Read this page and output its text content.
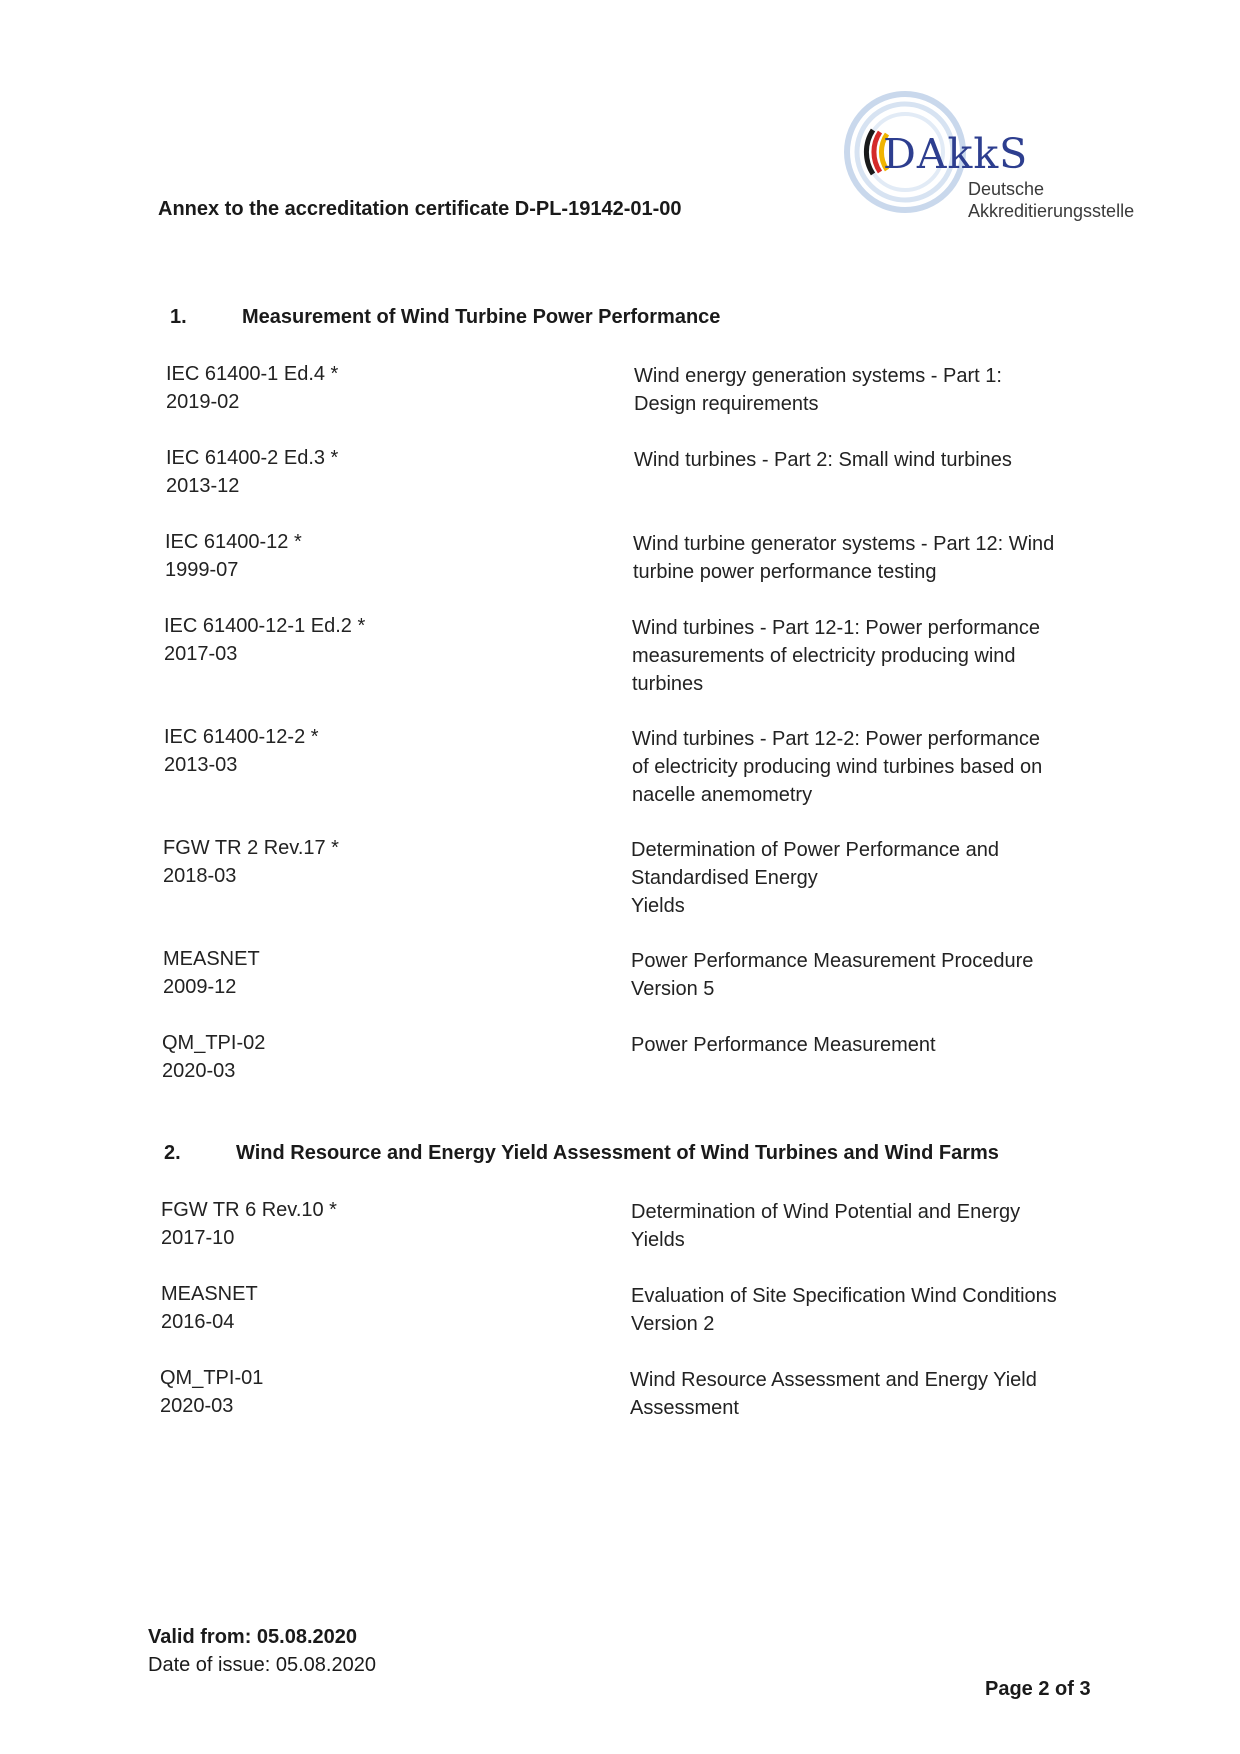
Annex to the accreditation certificate D-PL-19142-01-00
DAkkS
Deutsche
Akkreditierungsstelle
1.	Measurement of Wind Turbine Power Performance
IEC 61400-1 Ed.4 *
2019-02
Wind energy generation systems - Part 1:
Design requirements
IEC 61400-2 Ed.3 *
2013-12
Wind turbines - Part 2: Small wind turbines
IEC 61400-12 *
1999-07
Wind turbine generator systems - Part 12: Wind
turbine power performance testing
IEC 61400-12-1 Ed.2 *
2017-03
Wind turbines - Part 12-1: Power performance
measurements of electricity producing wind
turbines
IEC 61400-12-2 *
2013-03
Wind turbines - Part 12-2: Power performance
of electricity producing wind turbines based on
nacelle anemometry
FGW TR 2 Rev.17 *
2018-03
Determination of Power Performance and
Standardised Energy
Yields
MEASNET
2009-12
Power Performance Measurement Procedure
Version 5
QM_TPI-02
2020-03
Power Performance Measurement
2.	Wind Resource and Energy Yield Assessment of Wind Turbines and Wind Farms
FGW TR 6 Rev.10 *
2017-10
Determination of Wind Potential and Energy
Yields
MEASNET
2016-04
Evaluation of Site Specification Wind Conditions
Version 2
QM_TPI-01
2020-03
Wind Resource Assessment and Energy Yield
Assessment
Valid from: 05.08.2020
Date of issue: 05.08.2020
Page 2 of 3
